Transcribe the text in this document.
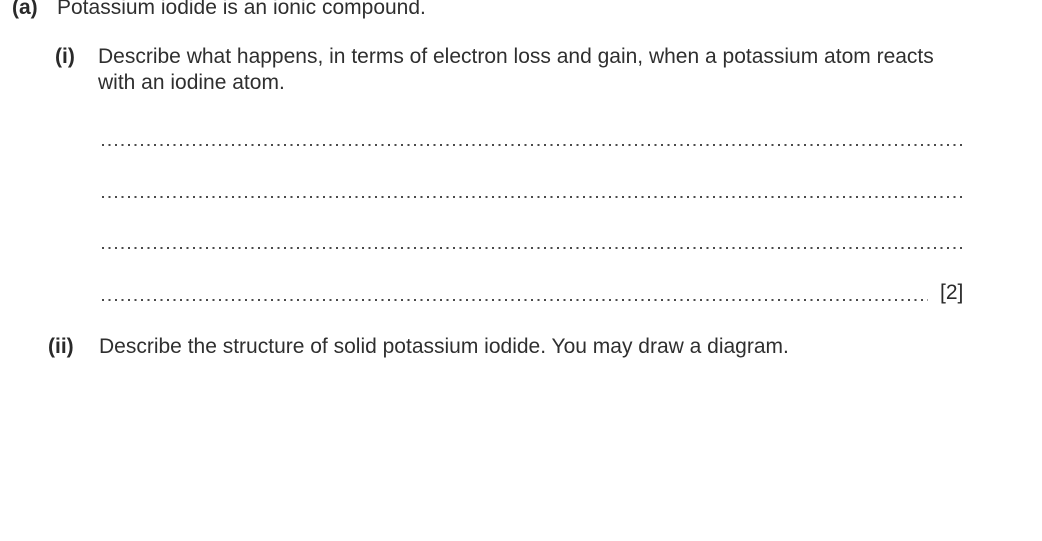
(a) Potassium iodide is an ionic compound.
(i) Describe what happens, in terms of electron loss and gain, when a potassium atom reacts
with an iodine atom.
[2]
(ii) Describe the structure of solid potassium iodide. You may draw a diagram.
